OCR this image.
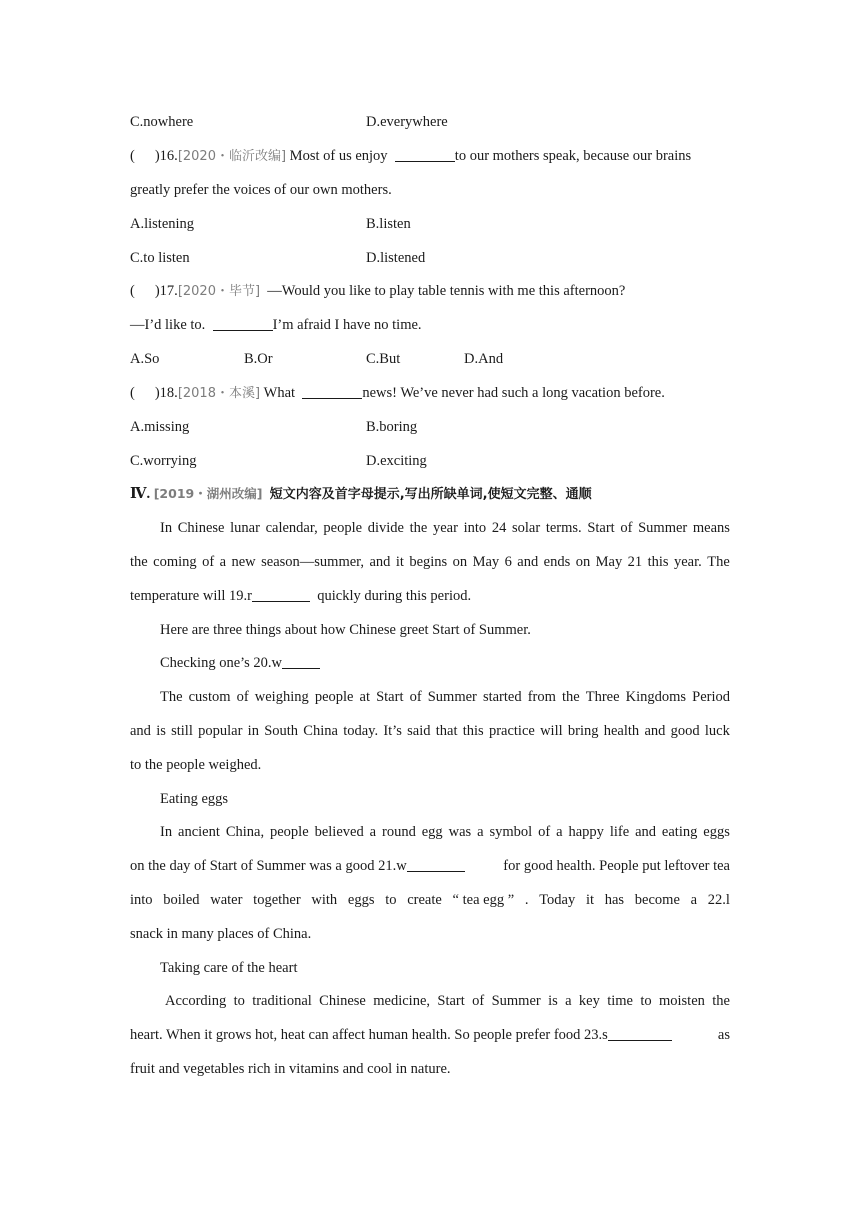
C.nowhere	D.everywhere
( )16.[2020・临沂改编] Most of us enjoy	to our mothers speak, because our brains
greatly prefer the voices of our own mothers.
A.listening	B.listen
C.to listen	D.listened
( )17.[2020・毕节] —Would you like to play table tennis with me this afternoon?
—I’d like to.	I’m afraid I have no time.
A.So	B.Or	C.But	D.And
( )18.[2018・本溪] What	news! We’ve never had such a long vacation before.
A.missing	B.boring
C.worrying	D.exciting
Ⅳ. [2019・湖州改编] 短文内容及首字母提示,写出所缺单词,使短文完整、通顺
In Chinese lunar calendar, people divide the year into 24 solar terms. Start of Summer means
the coming of a new season—summer, and it begins on May 6 and ends on May 21 this year. The
temperature will 19.r	quickly during this period.
Here are three things about how Chinese greet Start of Summer.
Checking one’s 20.w
The custom of weighing people at Start of Summer started from the Three Kingdoms Period
and is still popular in South China today. It’s said that this practice will bring health and good luck
to the people weighed.
Eating eggs
In ancient China, people believed a round egg was a symbol of a happy life and eating eggs
on the day of Start of Summer was a good 21.w	for good health. People put leftover tea
into boiled water together with eggs to create “ tea egg ” . Today it has become a 22.l
snack in many places of China.
Taking care of the heart
According to traditional Chinese medicine, Start of Summer is a key time to moisten the
heart. When it grows hot, heat can affect human health. So people prefer food 23.s	as
fruit and vegetables rich in vitamins and cool in nature.
